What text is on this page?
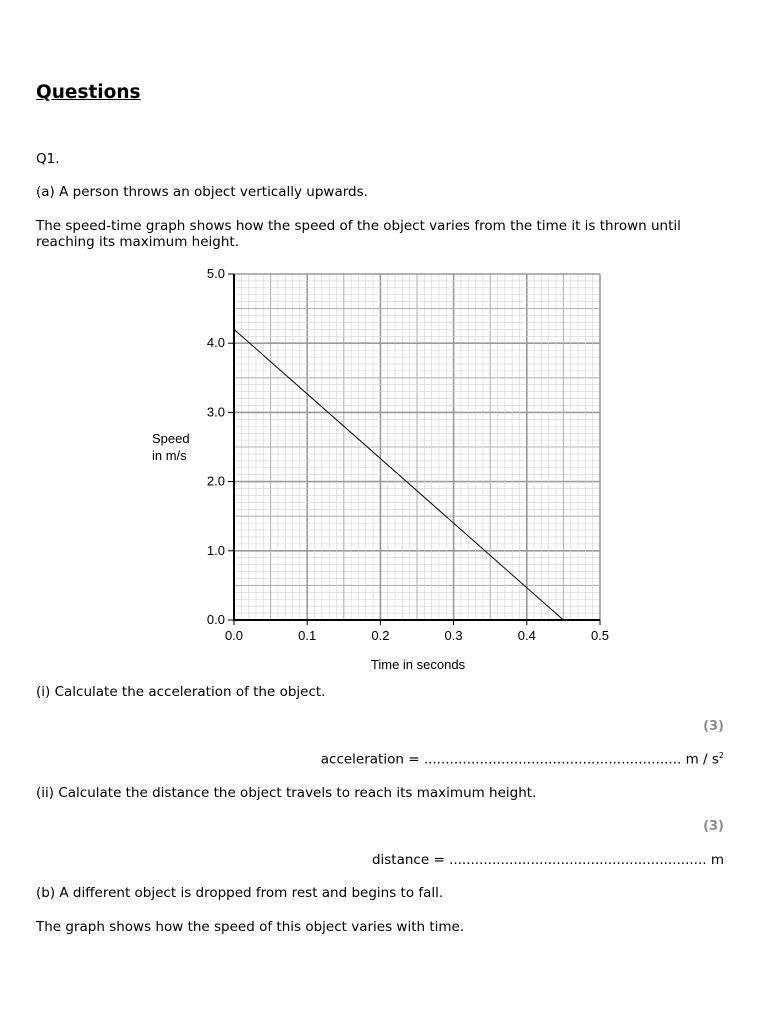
Questions

Q1.

(a) A person throws an object vertically upwards.

The speed-time graph shows how the speed of the object varies from the time it is thrown until reaching its maximum height.

0.0
1.0
2.0
3.0
4.0
5.0
0.0	0.1	0.2	0.3	0.4	0.5
Speed
in m/s
Time in seconds

(i) Calculate the acceleration of the object.

(3)

acceleration = ............................................................ m / $s^2$

(ii) Calculate the distance the object travels to reach its maximum height.

(3)

distance = ............................................................ m

(b) A different object is dropped from rest and begins to fall.

The graph shows how the speed of this object varies with time.
